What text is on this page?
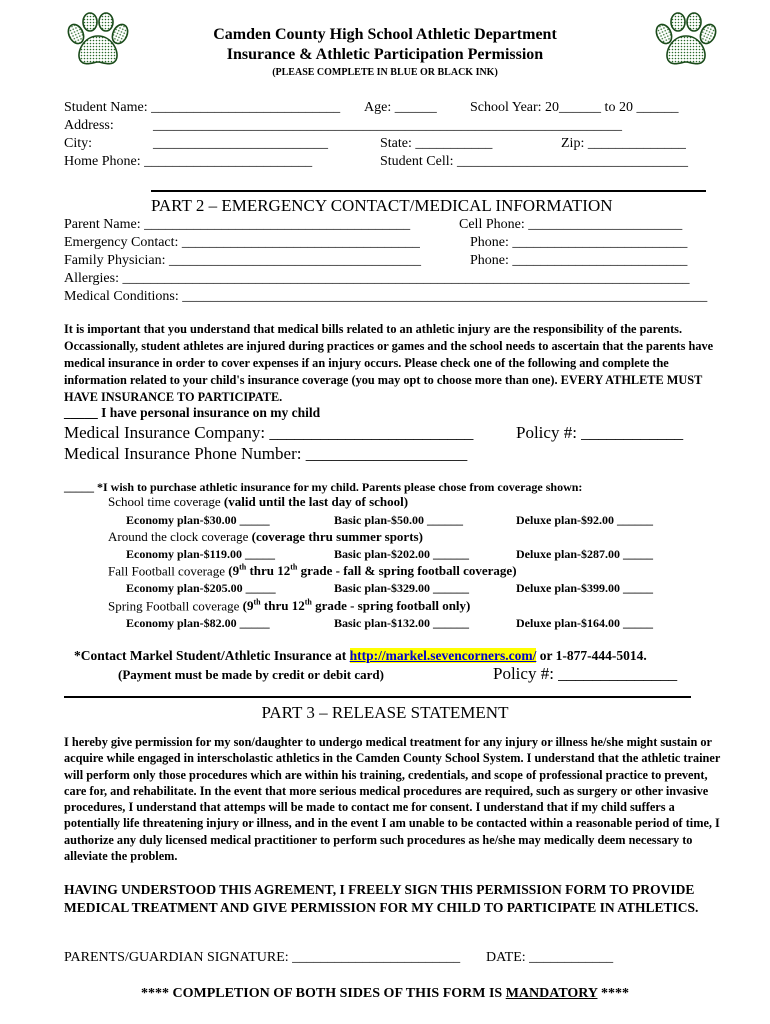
Camden County High School Athletic Department
Insurance & Athletic Participation Permission
(PLEASE COMPLETE IN BLUE OR BLACK INK)
Student Name: ___________________________ Age: ______ School Year: 20______ to 20 ______
Address:	___________________________________________________________________
City:	_________________________	State: ___________	Zip: ______________
Home Phone: ________________________	Student Cell: _________________________________
PART 2 – EMERGENCY CONTACT/MEDICAL INFORMATION
Parent Name: ______________________________________	Cell Phone: ______________________
Emergency Contact: __________________________________	Phone: _________________________
Family Physician: ____________________________________	Phone: _________________________
Allergies: _________________________________________________________________________________
Medical Conditions: ___________________________________________________________________________
It is important that you understand that medical bills related to an athletic injury are the responsibility of the parents. Occassionally, student athletes are injured during practices or games and the school needs to ascertain that the parents have medical insurance in order to cover expenses if an injury occurs. Please check one of the following and complete the information related to your child's insurance coverage (you may opt to choose more than one). EVERY ATHLETE MUST HAVE INSURANCE TO PARTICIPATE.
_____ I have personal insurance on my child
Medical Insurance Company: ________________________	Policy #: ____________
Medical Insurance Phone Number: ___________________
_____ *I wish to purchase athletic insurance for my child. Parents please chose from coverage shown:
School time coverage (valid until the last day of school)
Economy plan-$30.00 _____	Basic plan-$50.00 ______	Deluxe plan-$92.00 ______
Around the clock coverage (coverage thru summer sports)
Economy plan-$119.00 _____	Basic plan-$202.00 ______	Deluxe plan-$287.00 _____
Fall Football coverage (9th thru 12th grade - fall & spring football coverage)
Economy plan-$205.00 _____	Basic plan-$329.00 ______	Deluxe plan-$399.00 _____
Spring Football coverage (9th thru 12th grade - spring football only)
Economy plan-$82.00 _____	Basic plan-$132.00 ______	Deluxe plan-$164.00 _____
*Contact Markel Student/Athletic Insurance at http://markel.sevencorners.com/ or 1-877-444-5014.
(Payment must be made by credit or debit card)	Policy #: ______________
PART 3 – RELEASE STATEMENT
I hereby give permission for my son/daughter to undergo medical treatment for any injury or illness he/she might sustain or acquire while engaged in interscholastic athletics in the Camden County School System. I understand that the athletic trainer will perform only those procedures which are within his training, credentials, and scope of professional practice to prevent, care for, and rehabilitate. In the event that more serious medical procedures are required, such as surgery or other invasive procedures, I understand that attemps will be made to contact me for consent. I understand that if my child suffers a potentially life threatening injury or illness, and in the event I am unable to be contacted within a reasonable period of time, I authorize any duly licensed medical practitioner to perform such procedures as he/she may medically deem necessary to alleviate the problem.
HAVING UNDERSTOOD THIS AGREMENT, I FREELY SIGN THIS PERMISSION FORM TO PROVIDE MEDICAL TREATMENT AND GIVE PERMISSION FOR MY CHILD TO PARTICIPATE IN ATHLETICS.
PARENTS/GUARDIAN SIGNATURE: ________________________ DATE: ____________
**** COMPLETION OF BOTH SIDES OF THIS FORM IS MANDATORY ****
